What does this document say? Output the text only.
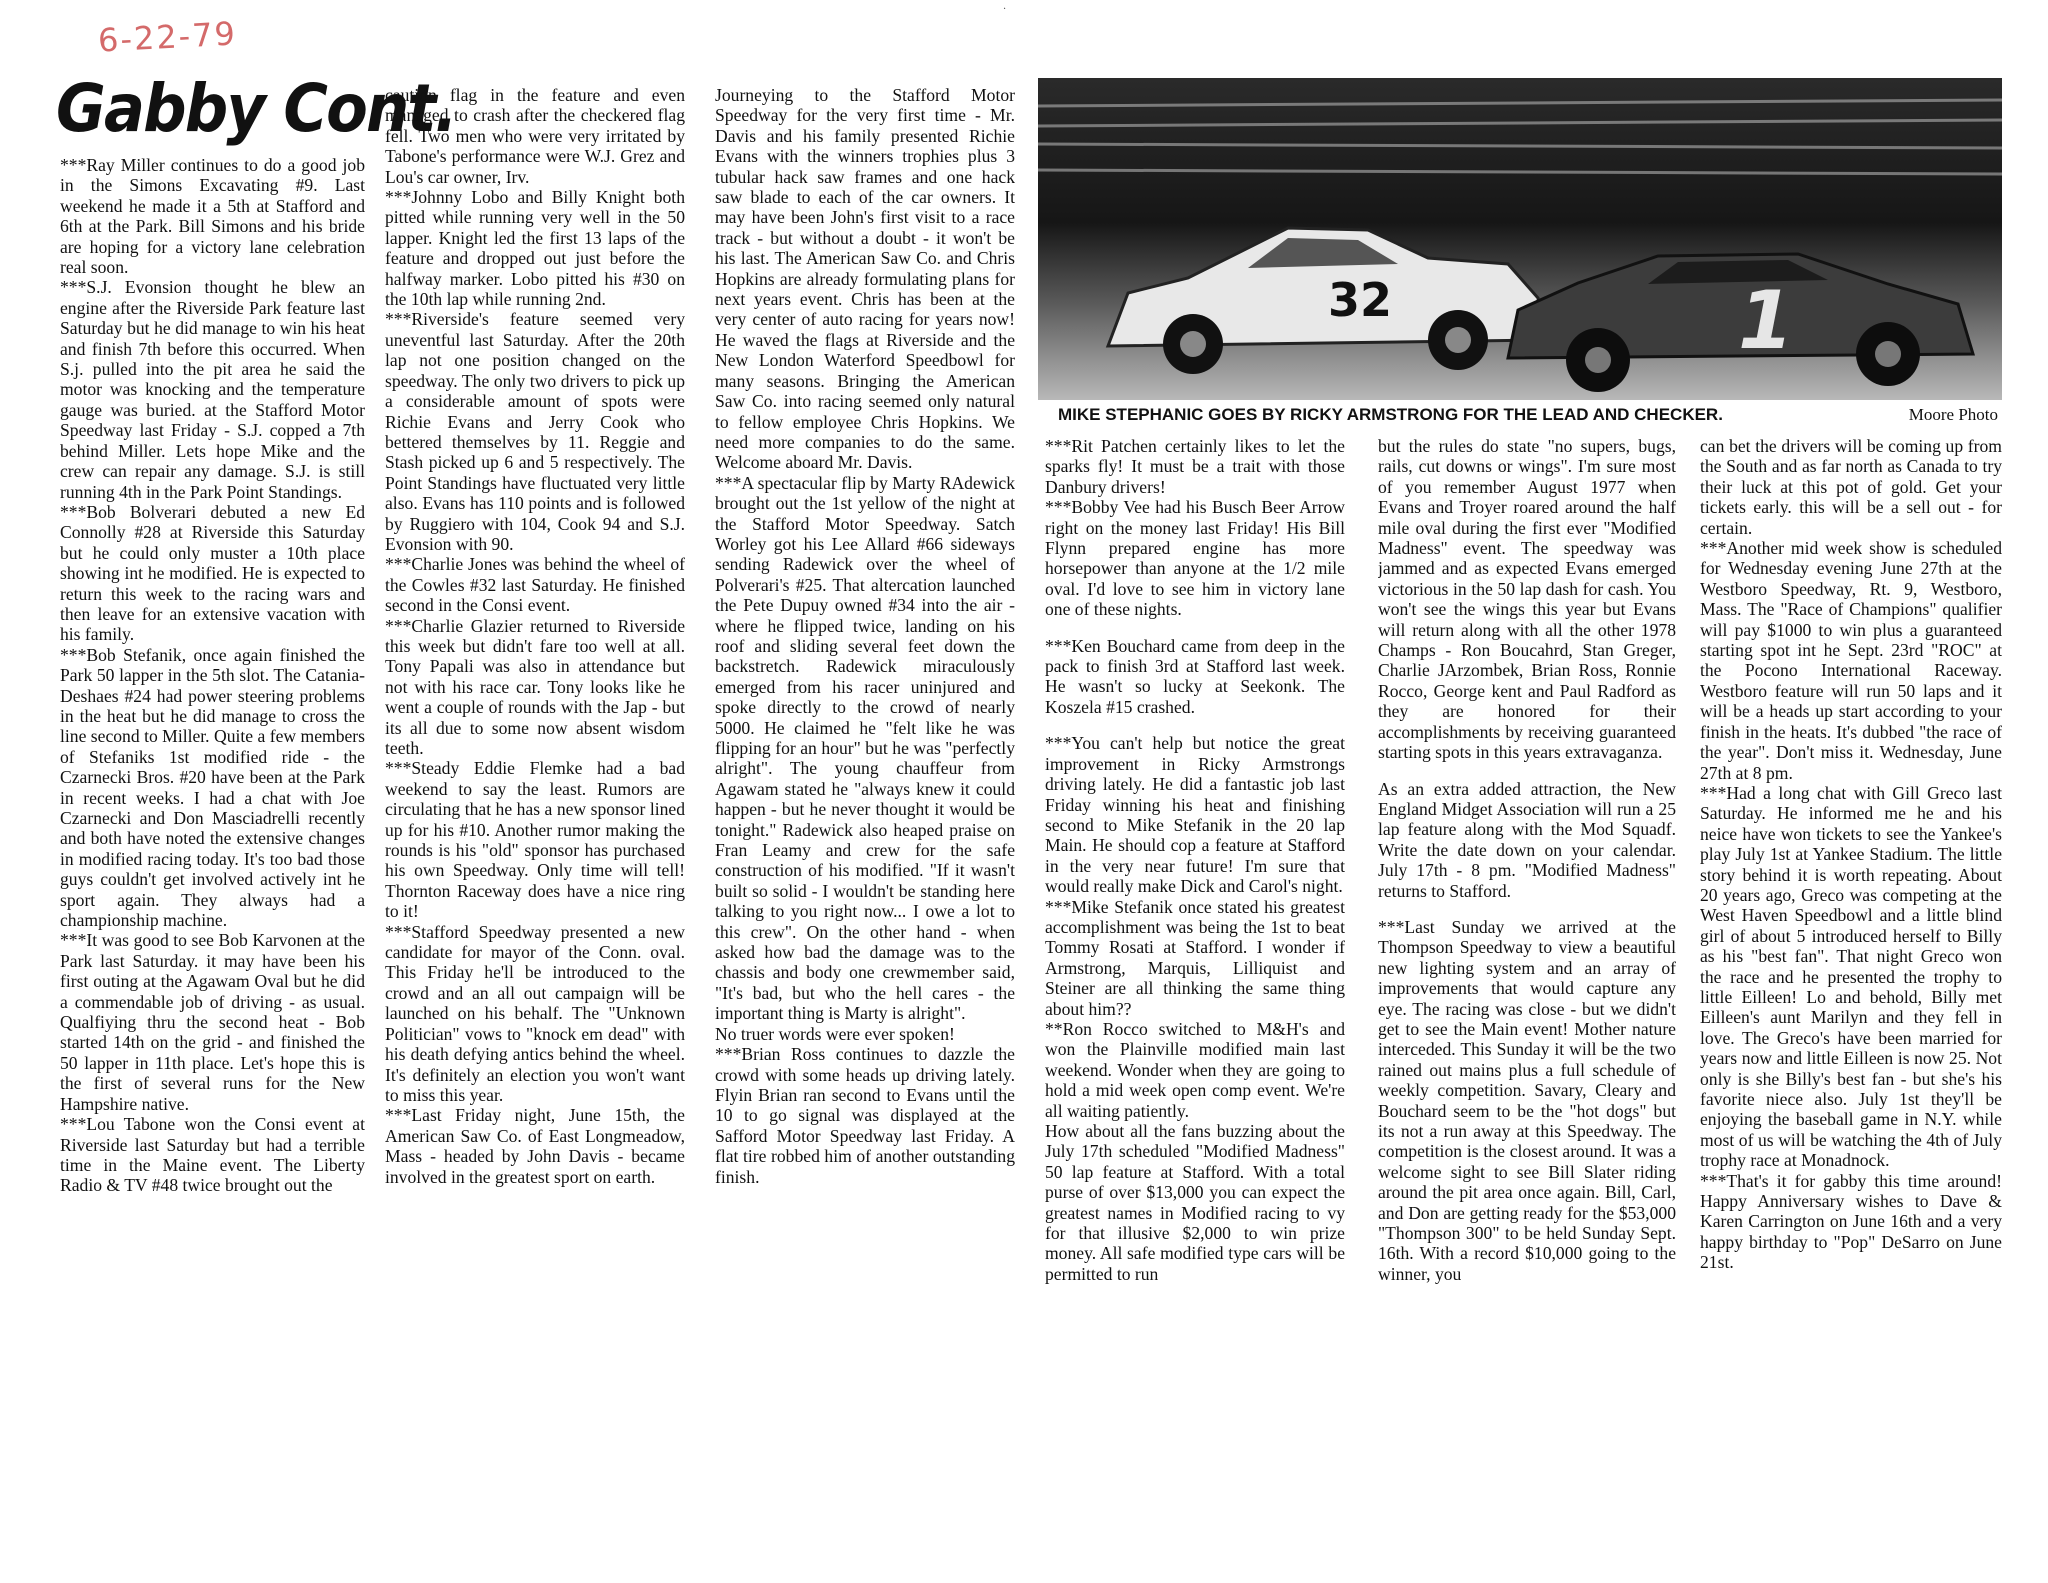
6-22-79
Gabby Cont.
·

***Ray Miller continues to do a good job in the Simons Excavating #9. Last weekend he made it a 5th at Stafford and 6th at the Park. Bill Simons and his bride are hoping for a victory lane celebration real soon.

***S.J. Evonsion thought he blew an engine after the Riverside Park feature last Saturday but he did manage to win his heat and finish 7th before this occurred. When S.j. pulled into the pit area he said the motor was knocking and the temperature gauge was buried. at the Stafford Motor Speedway last Friday - S.J. copped a 7th behind Miller. Lets hope Mike and the crew can repair any damage. S.J. is still running 4th in the Park Point Standings.

***Bob Bolverari debuted a new Ed Connolly #28 at Riverside this Saturday but he could only muster a 10th place showing int he modified. He is expected to return this week to the racing wars and then leave for an extensive vacation with his family.

***Bob Stefanik, once again finished the Park 50 lapper in the 5th slot. The Catania-Deshaes #24 had power steering problems in the heat but he did manage to cross the line second to Miller. Quite a few members of Stefaniks 1st modified ride - the Czarnecki Bros. #20 have been at the Park in recent weeks. I had a chat with Joe Czarnecki and Don Masciadrelli recently and both have noted the extensive changes in modified racing today. It's too bad those guys couldn't get involved actively int he sport again. They always had a championship machine.

***It was good to see Bob Karvonen at the Park last Saturday. it may have been his first outing at the Agawam Oval but he did a commendable job of driving - as usual. Qualfiying thru the second heat - Bob started 14th on the grid - and finished the 50 lapper in 11th place. Let's hope this is the first of several runs for the New Hampshire native.

***Lou Tabone won the Consi event at Riverside last Saturday but had a terrible time in the Maine event. The Liberty Radio & TV #48 twice brought out the

caution flag in the feature and even managed to crash after the checkered flag fell. Two men who were very irritated by Tabone's performance were W.J. Grez and Lou's car owner, Irv.

***Johnny Lobo and Billy Knight both pitted while running very well in the 50 lapper. Knight led the first 13 laps of the feature and dropped out just before the halfway marker. Lobo pitted his #30 on the 10th lap while running 2nd.

***Riverside's feature seemed very uneventful last Saturday. After the 20th lap not one position changed on the speedway. The only two drivers to pick up a considerable amount of spots were Richie Evans and Jerry Cook who bettered themselves by 11. Reggie and Stash picked up 6 and 5 respectively. The Point Standings have fluctuated very little also. Evans has 110 points and is followed by Ruggiero with 104, Cook 94 and S.J. Evonsion with 90.

***Charlie Jones was behind the wheel of the Cowles #32 last Saturday. He finished second in the Consi event.

***Charlie Glazier returned to Riverside this week but didn't fare too well at all. Tony Papali was also in attendance but not with his race car. Tony looks like he went a couple of rounds with the Jap - but its all due to some now absent wisdom teeth.

***Steady Eddie Flemke had a bad weekend to say the least. Rumors are circulating that he has a new sponsor lined up for his #10. Another rumor making the rounds is his "old" sponsor has purchased his own Speedway. Only time will tell! Thornton Raceway does have a nice ring to it!

***Stafford Speedway presented a new candidate for mayor of the Conn. oval. This Friday he'll be introduced to the crowd and an all out campaign will be launched on his behalf. The "Unknown Politician" vows to "knock em dead" with his death defying antics behind the wheel. It's definitely an election you won't want to miss this year.

***Last Friday night, June 15th, the American Saw Co. of East Longmeadow, Mass - headed by John Davis - became involved in the greatest sport on earth.

Journeying to the Stafford Motor Speedway for the very first time - Mr. Davis and his family presented Richie Evans with the winners trophies plus 3 tubular hack saw frames and one hack saw blade to each of the car owners. It may have been John's first visit to a race track - but without a doubt - it won't be his last. The American Saw Co. and Chris Hopkins are already formulating plans for next years event. Chris has been at the very center of auto racing for years now! He waved the flags at Riverside and the New London Waterford Speedbowl for many seasons. Bringing the American Saw Co. into racing seemed only natural to fellow employee Chris Hopkins. We need more companies to do the same. Welcome aboard Mr. Davis.

***A spectacular flip by Marty RAdewick brought out the 1st yellow of the night at the Stafford Motor Speedway. Satch Worley got his Lee Allard #66 sideways sending Radewick over the wheel of Polverari's #25. That altercation launched the Pete Dupuy owned #34 into the air - where he flipped twice, landing on his roof and sliding several feet down the backstretch. Radewick miraculously emerged from his racer uninjured and spoke directly to the crowd of nearly 5000. He claimed he "felt like he was flipping for an hour" but he was "perfectly alright". The young chauffeur from Agawam stated he "always knew it could happen - but he never thought it would be tonight." Radewick also heaped praise on Fran Leamy and crew for the safe construction of his modified. "If it wasn't built so solid - I wouldn't be standing here talking to you right now... I owe a lot to this crew". On the other hand - when asked how bad the damage was to the chassis and body one crewmember said, "It's bad, but who the hell cares - the important thing is Marty is alright".

No truer words were ever spoken!

***Brian Ross continues to dazzle the crowd with some heads up driving lately. Flyin Brian ran second to Evans until the 10 to go signal was displayed at the Safford Motor Speedway last Friday. A flat tire robbed him of another outstanding finish.

32	1
MIKE STEPHANIC GOES BY RICKY ARMSTRONG FOR THE LEAD AND CHECKER.	Moore Photo

***Rit Patchen certainly likes to let the sparks fly! It must be a trait with those Danbury drivers!

***Bobby Vee had his Busch Beer Arrow right on the money last Friday! His Bill Flynn prepared engine has more horsepower than anyone at the 1/2 mile oval. I'd love to see him in victory lane one of these nights.

***Ken Bouchard came from deep in the pack to finish 3rd at Stafford last week. He wasn't so lucky at Seekonk. The Koszela #15 crashed.

***You can't help but notice the great improvement in Ricky Armstrongs driving lately. He did a fantastic job last Friday winning his heat and finishing second to Mike Stefanik in the 20 lap Main. He should cop a feature at Stafford in the very near future! I'm sure that would really make Dick and Carol's night.

***Mike Stefanik once stated his greatest accomplishment was being the 1st to beat Tommy Rosati at Stafford. I wonder if Armstrong, Marquis, Lilliquist and Steiner are all thinking the same thing about him??

**Ron Rocco switched to M&H's and won the Plainville modified main last weekend. Wonder when they are going to hold a mid week open comp event. We're all waiting patiently.

How about all the fans buzzing about the July 17th scheduled "Modified Madness" 50 lap feature at Stafford. With a total purse of over $13,000 you can expect the greatest names in Modified racing to vy for that illusive $2,000 to win prize money. All safe modified type cars will be permitted to run

but the rules do state "no supers, bugs, rails, cut downs or wings". I'm sure most of you remember August 1977 when Evans and Troyer roared around the half mile oval during the first ever "Modified Madness" event. The speedway was jammed and as expected Evans emerged victorious in the 50 lap dash for cash. You won't see the wings this year but Evans will return along with all the other 1978 Champs - Ron Boucahrd, Stan Greger, Charlie JArzombek, Brian Ross, Ronnie Rocco, George kent and Paul Radford as they are honored for their accomplishments by receiving guaranteed starting spots in this years extravaganza.

As an extra added attraction, the New England Midget Association will run a 25 lap feature along with the Mod Squadf. Write the date down on your calendar. July 17th - 8 pm. "Modified Madness" returns to Stafford.

***Last Sunday we arrived at the Thompson Speedway to view a beautiful new lighting system and an array of improvements that would capture any eye. The racing was close - but we didn't get to see the Main event! Mother nature interceded. This Sunday it will be the two rained out mains plus a full schedule of weekly competition. Savary, Cleary and Bouchard seem to be the "hot dogs" but its not a run away at this Speedway. The competition is the closest around. It was a welcome sight to see Bill Slater riding around the pit area once again. Bill, Carl, and Don are getting ready for the $53,000 "Thompson 300" to be held Sunday Sept. 16th. With a record $10,000 going to the winner, you

can bet the drivers will be coming up from the South and as far north as Canada to try their luck at this pot of gold. Get your tickets early. this will be a sell out - for certain.

***Another mid week show is scheduled for Wednesday evening June 27th at the Westboro Speedway, Rt. 9, Westboro, Mass. The "Race of Champions" qualifier will pay $1000 to win plus a guaranteed starting spot int he Sept. 23rd "ROC" at the Pocono International Raceway. Westboro feature will run 50 laps and it will be a heads up start according to your finish in the heats. It's dubbed "the race of the year". Don't miss it. Wednesday, June 27th at 8 pm.

***Had a long chat with Gill Greco last Saturday. He informed me he and his neice have won tickets to see the Yankee's play July 1st at Yankee Stadium. The little story behind it is worth repeating. About 20 years ago, Greco was competing at the West Haven Speedbowl and a little blind girl of about 5 introduced herself to Billy as his "best fan". That night Greco won the race and he presented the trophy to little Eilleen! Lo and behold, Billy met Eilleen's aunt Marilyn and they fell in love. The Greco's have been married for years now and little Eilleen is now 25. Not only is she Billy's best fan - but she's his favorite niece also. July 1st they'll be enjoying the baseball game in N.Y. while most of us will be watching the 4th of July trophy race at Monadnock.

***That's it for gabby this time around! Happy Anniversary wishes to Dave & Karen Carrington on June 16th and a very happy birthday to "Pop" DeSarro on June 21st.
